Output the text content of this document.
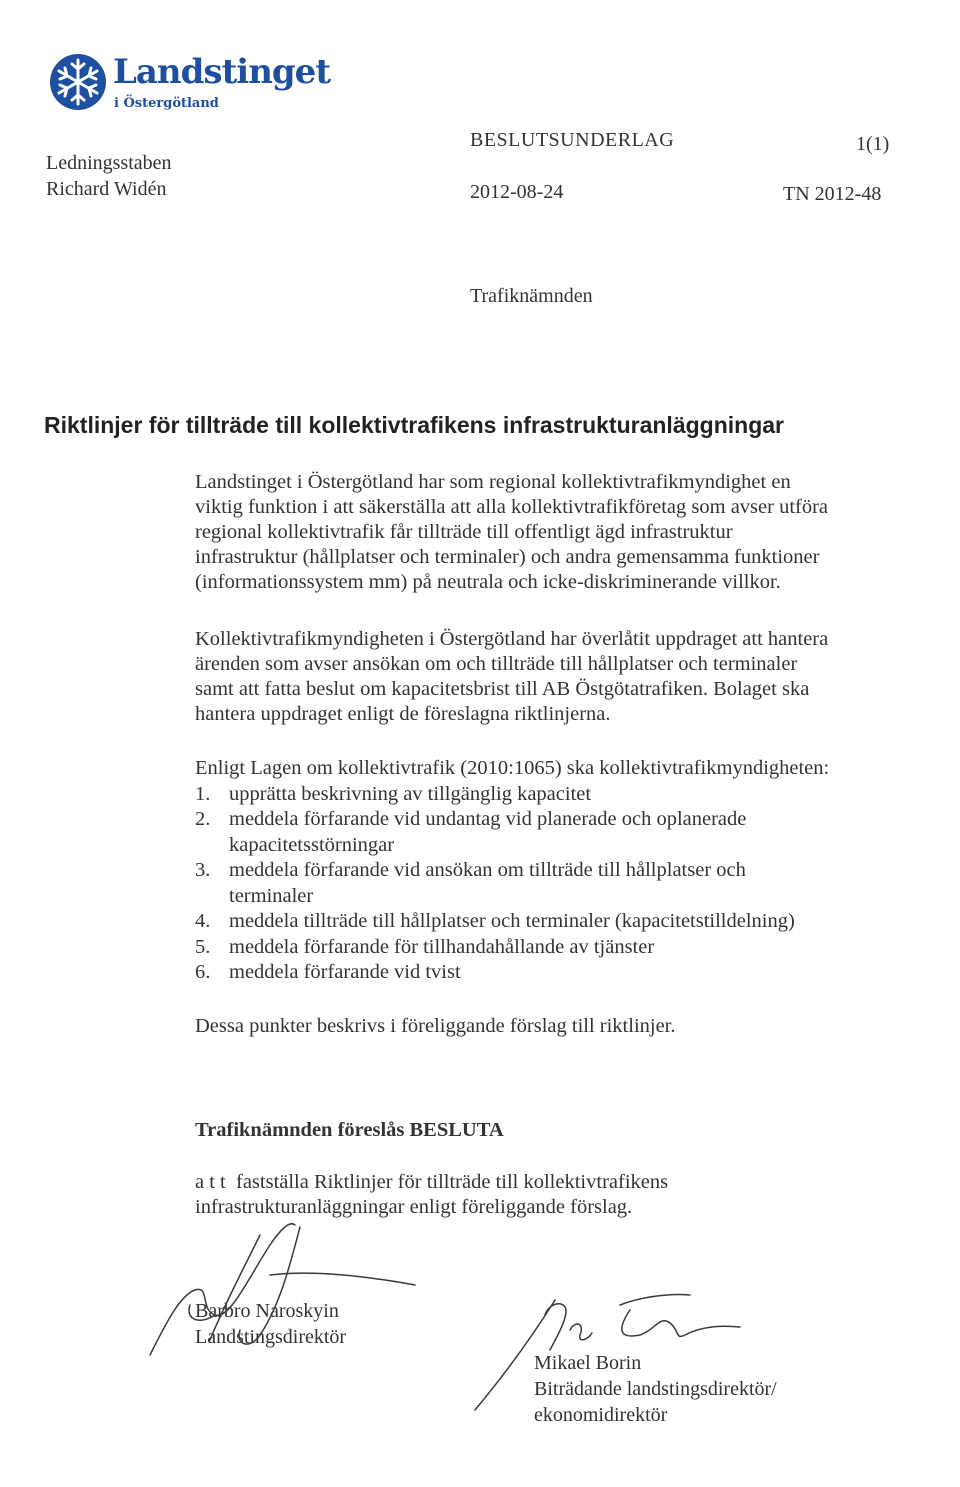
Landstinget
i Östergötland
Ledningsstaben
Richard Widén
BESLUTSUNDERLAG	1(1)
2012-08-24	TN 2012-48
Trafiknämnden
Riktlinjer för tillträde till kollektivtrafikens infrastrukturanläggningar
Landstinget i Östergötland har som regional kollektivtrafikmyndighet en
viktig funktion i att säkerställa att alla kollektivtrafikföretag som avser utföra
regional kollektivtrafik får tillträde till offentligt ägd infrastruktur
infrastruktur (hållplatser och terminaler) och andra gemensamma funktioner
(informationssystem mm) på neutrala och icke-diskriminerande villkor.
Kollektivtrafikmyndigheten i Östergötland har överlåtit uppdraget att hantera
ärenden som avser ansökan om och tillträde till hållplatser och terminaler
samt att fatta beslut om kapacitetsbrist till AB Östgötatrafiken. Bolaget ska
hantera uppdraget enligt de föreslagna riktlinjerna.
Enligt Lagen om kollektivtrafik (2010:1065) ska kollektivtrafikmyndigheten:
1. upprätta beskrivning av tillgänglig kapacitet
2. meddela förfarande vid undantag vid planerade och oplanerade
kapacitetsstörningar
3. meddela förfarande vid ansökan om tillträde till hållplatser och
terminaler
4. meddela tillträde till hållplatser och terminaler (kapacitetstilldelning)
5. meddela förfarande för tillhandahållande av tjänster
6. meddela förfarande vid tvist
Dessa punkter beskrivs i föreliggande förslag till riktlinjer.
Trafiknämnden föreslås BESLUTA
a t t  fastställa Riktlinjer för tillträde till kollektivtrafikens
infrastrukturanläggningar enligt föreliggande förslag.
Barbro Naroskyin
Landstingsdirektör
Mikael Borin
Biträdande landstingsdirektör/
ekonomidirektör
